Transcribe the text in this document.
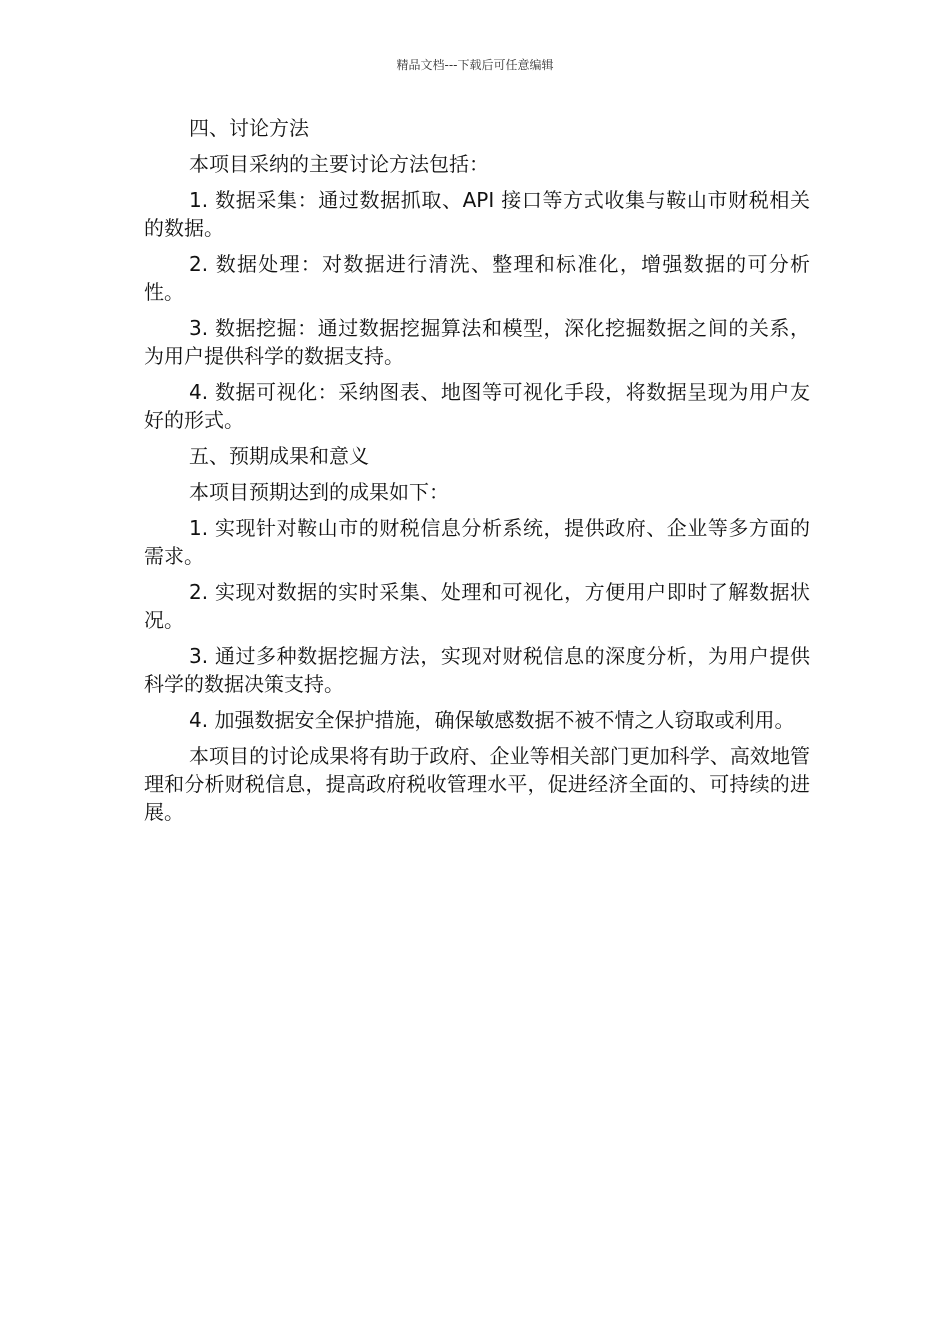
精品文档---下载后可任意编辑

四、讨论方法

本项目采纳的主要讨论方法包括：

1. 数据采集：通过数据抓取、API 接口等方式收集与鞍山市财税相关的数据。

2. 数据处理：对数据进行清洗、整理和标准化，增强数据的可分析性。

3. 数据挖掘：通过数据挖掘算法和模型，深化挖掘数据之间的关系，为用户提供科学的数据支持。

4. 数据可视化：采纳图表、地图等可视化手段，将数据呈现为用户友好的形式。

五、预期成果和意义

本项目预期达到的成果如下：

1. 实现针对鞍山市的财税信息分析系统，提供政府、企业等多方面的需求。

2. 实现对数据的实时采集、处理和可视化，方便用户即时了解数据状况。

3. 通过多种数据挖掘方法，实现对财税信息的深度分析，为用户提供科学的数据决策支持。

4. 加强数据安全保护措施，确保敏感数据不被不情之人窃取或利用。

本项目的讨论成果将有助于政府、企业等相关部门更加科学、高效地管理和分析财税信息，提高政府税收管理水平，促进经济全面的、可持续的进展。
